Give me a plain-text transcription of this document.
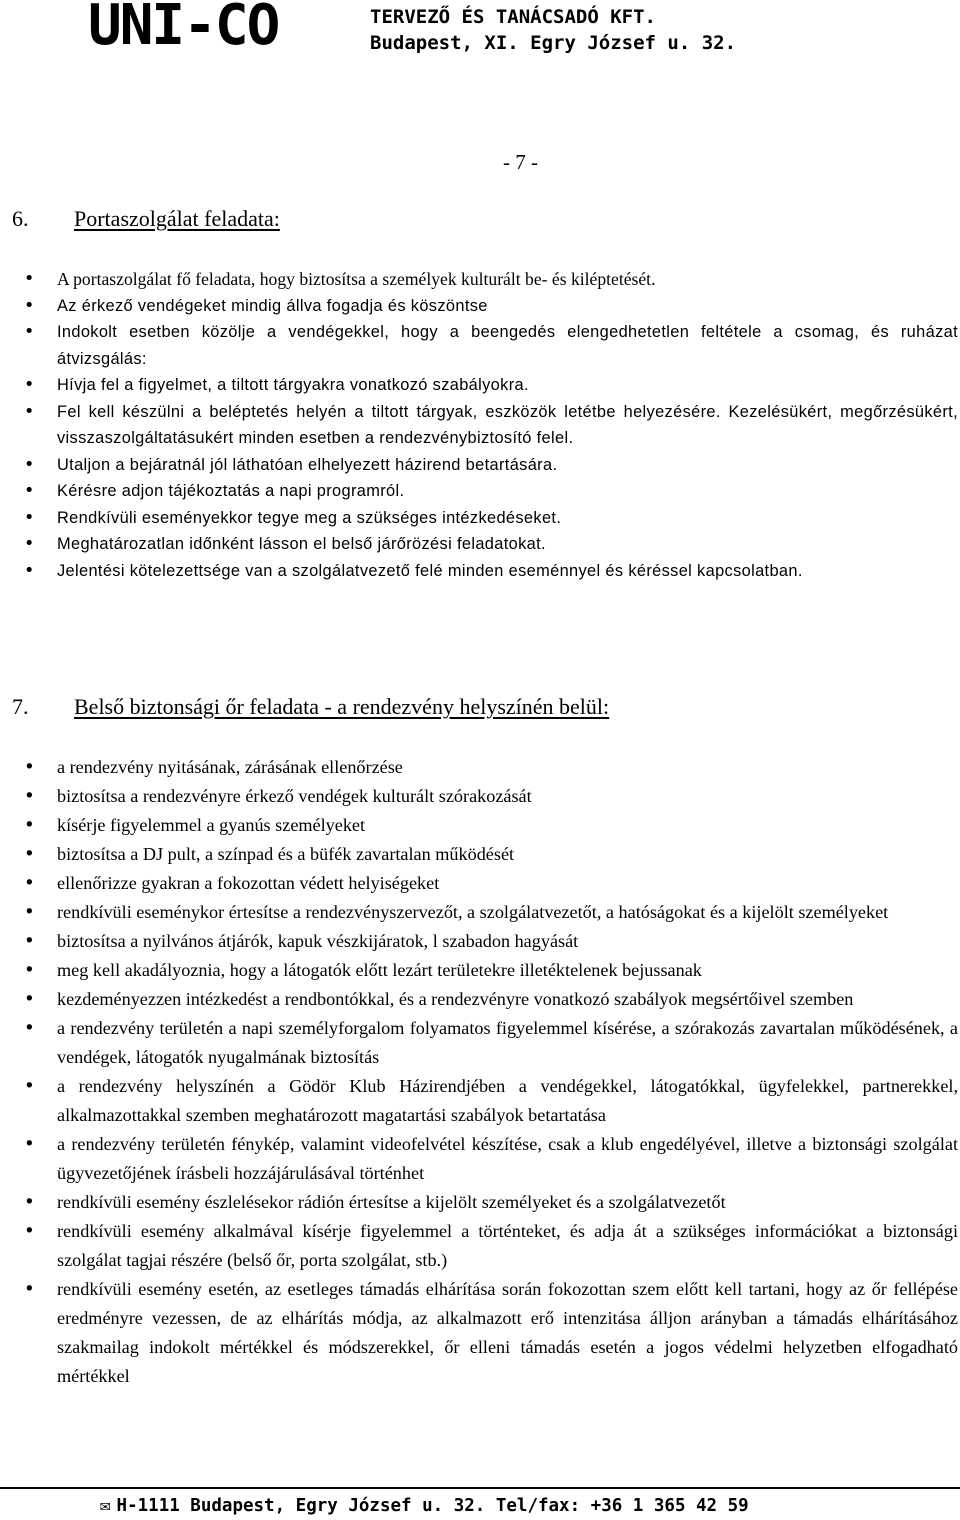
UNI-CO	TERVEZŐ ÉS TANÁCSADÓ KFT.
Budapest, XI. Egry József u. 32.
- 7 -
6. Portaszolgálat feladata:
•	A portaszolgálat fő feladata, hogy biztosítsa a személyek kulturált be- és kiléptetését.
•	Az érkező vendégeket mindig állva fogadja és köszöntse
•	Indokolt esetben közölje a vendégekkel, hogy a beengedés elengedhetetlen feltétele a csomag, és ruházat átvizsgálás:
•	Hívja fel a figyelmet, a tiltott tárgyakra vonatkozó szabályokra.
•	Fel kell készülni a beléptetés helyén a tiltott tárgyak, eszközök letétbe helyezésére. Kezelésükért, megőrzésükért, visszaszolgáltatásukért minden esetben a rendezvénybiztosító felel.
•	Utaljon a bejáratnál jól láthatóan elhelyezett házirend betartására.
•	Kérésre adjon tájékoztatás a napi programról.
•	Rendkívüli eseményekkor tegye meg a szükséges intézkedéseket.
•	Meghatározatlan időnként lásson el belső járőrözési feladatokat.
•	Jelentési kötelezettsége van a szolgálatvezető felé minden eseménnyel és kéréssel kapcsolatban.
7. Belső biztonsági őr feladata - a rendezvény helyszínén belül:
•	a rendezvény nyitásának, zárásának ellenőrzése
•	biztosítsa a rendezvényre érkező vendégek kulturált szórakozását
•	kísérje figyelemmel a gyanús személyeket
•	biztosítsa a DJ pult, a színpad és a büfék zavartalan működését
•	ellenőrizze gyakran a fokozottan védett helyiségeket
•	rendkívüli eseménykor értesítse a rendezvényszervezőt, a szolgálatvezetőt, a hatóságokat és a kijelölt személyeket
•	biztosítsa a nyilvános átjárók, kapuk vészkijáratok, l szabadon hagyását
•	meg kell akadályoznia, hogy a látogatók előtt lezárt területekre illetéktelenek bejussanak
•	kezdeményezzen intézkedést a rendbontókkal, és a rendezvényre vonatkozó szabályok megsértőivel szemben
•	a rendezvény területén a napi személyforgalom folyamatos figyelemmel kísérése, a szórakozás zavartalan működésének, a vendégek, látogatók nyugalmának biztosítás
•	a rendezvény helyszínén a Gödör Klub Házirendjében a vendégekkel, látogatókkal, ügyfelekkel, partnerekkel, alkalmazottakkal szemben meghatározott magatartási szabályok betartatása
•	a rendezvény területén fénykép, valamint videofelvétel készítése, csak a klub engedélyével, illetve a biztonsági szolgálat ügyvezetőjének írásbeli hozzájárulásával történhet
•	rendkívüli esemény észlelésekor rádión értesítse a kijelölt személyeket és a szolgálatvezetőt
•	rendkívüli esemény alkalmával kísérje figyelemmel a történteket, és adja át a szükséges információkat a biztonsági szolgálat tagjai részére (belső őr, porta szolgálat, stb.)
•	rendkívüli esemény esetén, az esetleges támadás elhárítása során fokozottan szem előtt kell tartani, hogy az őr fellépése eredményre vezessen, de az elhárítás módja, az alkalmazott erő intenzitása álljon arányban a támadás elhárításához szakmailag indokolt mértékkel és módszerekkel, őr elleni támadás esetén a jogos védelmi helyzetben elfogadható mértékkel
✉ H-1111 Budapest, Egry József u. 32. Tel/fax: +36 1 365 42 59
